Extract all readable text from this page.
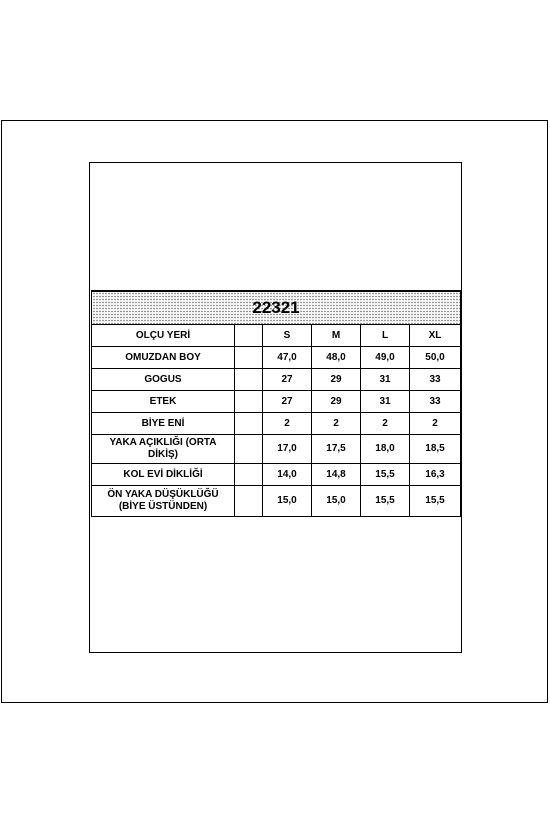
22321					
OLÇU YERİ		S	M	L	XL
OMUZDAN BOY		47,0	48,0	49,0	50,0
GOGUS		27	29	31	33
ETEK		27	29	31	33
BİYE ENİ		2	2	2	2
YAKA AÇIKLIĞI (ORTA DİKİŞ)		17,0	17,5	18,0	18,5
KOL EVİ DİKLİĞİ		14,0	14,8	15,5	16,3
ÖN YAKA DÜŞÜKLÜĞÜ (BİYE ÜSTÜNDEN)		15,0	15,0	15,5	15,5
